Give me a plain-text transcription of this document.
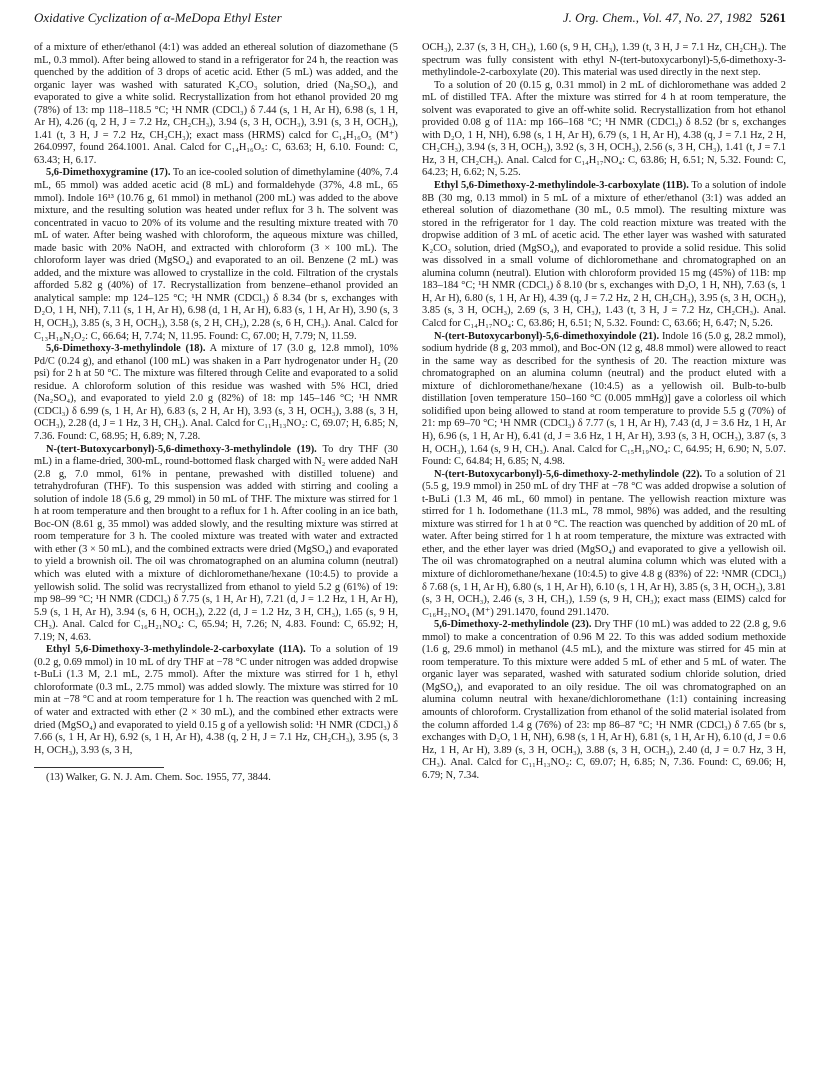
Oxidative Cyclization of α-MeDopa Ethyl Ester	J. Org. Chem., Vol. 47, No. 27, 1982 5261

of a mixture of ether/ethanol (4:1) was added an ethereal solution of diazomethane (5 mL, 0.3 mmol). After being allowed to stand in a refrigerator for 24 h, the reaction was quenched by the addition of 3 drops of acetic acid. Ether (5 mL) was added, and the organic layer was washed with saturated K₂CO₃ solution, dried (Na₂SO₄), and evaporated to give a white solid. Recrystallization from hot ethanol provided 20 mg (78%) of 13: mp 118–118.5 °C; ¹H NMR (CDCl₃) δ 7.44 (s, 1 H, Ar H), 6.98 (s, 1 H, Ar H), 4.26 (q, 2 H, J = 7.2 Hz, CH₂CH₃), 3.94 (s, 3 H, OCH₃), 3.91 (s, 3 H, OCH₃), 1.41 (t, 3 H, J = 7.2 Hz, CH₂CH₃); exact mass (HRMS) calcd for C₁₄H₁₆O₅ (M⁺) 264.0997, found 264.1001. Anal. Calcd for C₁₄H₁₆O₅: C, 63.63; H, 6.10. Found: C, 63.43; H, 6.17.

5,6-Dimethoxygramine (17). To an ice-cooled solution of dimethylamine (40%, 7.4 mL, 65 mmol) was added acetic acid (8 mL) and formaldehyde (37%, 4.8 mL, 65 mmol). Indole 16¹³ (10.76 g, 61 mmol) in methanol (200 mL) was added to the above mixture, and the resulting solution was heated under reflux for 3 h. The solvent was concentrated in vacuo to 20% of its volume and the resulting mixture treated with 70 mL of water. After being washed with chloroform, the aqueous mixture was chilled, made basic with 20% NaOH, and extracted with chloroform (3 × 100 mL). The chloroform layer was dried (MgSO₄) and evaporated to an oil. Benzene (2 mL) was added, and the mixture was allowed to crystallize in the cold. Filtration of the crystals afforded 5.82 g (40%) of 17. Recrystallization from benzene–ethanol provided an analytical sample: mp 124–125 °C; ¹H NMR (CDCl₃) δ 8.34 (br s, exchanges with D₂O, 1 H, NH), 7.11 (s, 1 H, Ar H), 6.98 (d, 1 H, Ar H), 6.83 (s, 1 H, Ar H), 3.90 (s, 3 H, OCH₃), 3.85 (s, 3 H, OCH₃), 3.58 (s, 2 H, CH₂), 2.28 (s, 6 H, CH₃). Anal. Calcd for C₁₃H₁₈N₂O₂: C, 66.64; H, 7.74; N, 11.95. Found: C, 67.00; H, 7.79; N, 11.59.

5,6-Dimethoxy-3-methylindole (18). A mixture of 17 (3.0 g, 12.8 mmol), 10% Pd/C (0.24 g), and ethanol (100 mL) was shaken in a Parr hydrogenator under H₂ (20 psi) for 2 h at 50 °C. The mixture was filtered through Celite and evaporated to a solid residue. A chloroform solution of this residue was washed with 5% HCl, dried (Na₂SO₄), and evaporated to yield 2.0 g (82%) of 18: mp 145–146 °C; ¹H NMR (CDCl₃) δ 6.99 (s, 1 H, Ar H), 6.83 (s, 2 H, Ar H), 3.93 (s, 3 H, OCH₃), 3.88 (s, 3 H, OCH₃), 2.28 (d, J = 1 Hz, 3 H, CH₃). Anal. Calcd for C₁₁H₁₃NO₂: C, 69.07; H, 6.85; N, 7.36. Found: C, 68.95; H, 6.89; N, 7.28.

N-(tert-Butoxycarbonyl)-5,6-dimethoxy-3-methylindole (19). To dry THF (30 mL) in a flame-dried, 300-mL, round-bottomed flask charged with N₂ were added NaH (2.8 g, 7.0 mmol, 61% in pentane, prewashed with distilled toluene) and tetrahydrofuran (THF). To this suspension was added with stirring and cooling a solution of indole 18 (5.6 g, 29 mmol) in 50 mL of THF. The mixture was stirred for 1 h at room temperature and then brought to a reflux for 1 h. After cooling in an ice bath, Boc-ON (8.61 g, 35 mmol) was added slowly, and the resulting mixture was stirred at room temperature for 3 h. The cooled mixture was treated with water and extracted with ether (3 × 50 mL), and the combined extracts were dried (MgSO₄) and evaporated to yield a brownish oil. The oil was chromatographed on an alumina column (neutral) which was eluted with a mixture of dichloromethane/hexane (10:4.5) to provide a yellowish solid. The solid was recrystallized from ethanol to yield 5.2 g (61%) of 19: mp 98–99 °C; ¹H NMR (CDCl₃) δ 7.75 (s, 1 H, Ar H), 7.21 (d, J = 1.2 Hz, 1 H, Ar H), 5.9 (s, 1 H, Ar H), 3.94 (s, 6 H, OCH₃), 2.22 (d, J = 1.2 Hz, 3 H, CH₃), 1.65 (s, 9 H, CH₃). Anal. Calcd for C₁₆H₂₁NO₄: C, 65.94; H, 7.26; N, 4.83. Found: C, 65.92; H, 7.19; N, 4.63.

Ethyl 5,6-Dimethoxy-3-methylindole-2-carboxylate (11A). To a solution of 19 (0.2 g, 0.69 mmol) in 10 mL of dry THF at −78 °C under nitrogen was added dropwise t-BuLi (1.3 M, 2.1 mL, 2.75 mmol). After the mixture was stirred for 1 h, ethyl chloroformate (0.3 mL, 2.75 mmol) was added slowly. The mixture was stirred for 10 min at −78 °C and at room temperature for 1 h. The reaction was quenched with 2 mL of water and extracted with ether (2 × 30 mL), and the combined ether extracts were dried (MgSO₄) and evaporated to yield 0.15 g of a yellowish solid: ¹H NMR (CDCl₃) δ 7.66 (s, 1 H, Ar H), 6.92 (s, 1 H, Ar H), 4.38 (q, 2 H, J = 7.1 Hz, CH₂CH₃), 3.95 (s, 3 H, OCH₃), 3.93 (s, 3 H,

(13) Walker, G. N. J. Am. Chem. Soc. 1955, 77, 3844.

OCH₃), 2.37 (s, 3 H, CH₃), 1.60 (s, 9 H, CH₃), 1.39 (t, 3 H, J = 7.1 Hz, CH₂CH₃). The spectrum was fully consistent with ethyl N-(tert-butoxycarbonyl)-5,6-dimethoxy-3-methylindole-2-carboxylate (20). This material was used directly in the next step.

To a solution of 20 (0.15 g, 0.31 mmol) in 2 mL of dichloromethane was added 2 mL of distilled TFA. After the mixture was stirred for 4 h at room temperature, the solvent was evaporated to give an off-white solid. Recrystallization from hot ethanol provided 0.08 g of 11A: mp 166–168 °C; ¹H NMR (CDCl₃) δ 8.52 (br s, exchanges with D₂O, 1 H, NH), 6.98 (s, 1 H, Ar H), 6.79 (s, 1 H, Ar H), 4.38 (q, J = 7.1 Hz, 2 H, CH₂CH₃), 3.94 (s, 3 H, OCH₃), 3.92 (s, 3 H, OCH₃), 2.56 (s, 3 H, CH₃), 1.41 (t, J = 7.1 Hz, 3 H, CH₂CH₃). Anal. Calcd for C₁₄H₁₇NO₄: C, 63.86; H, 6.51; N, 5.32. Found: C, 64.23; H, 6.62; N, 5.25.

Ethyl 5,6-Dimethoxy-2-methylindole-3-carboxylate (11B). To a solution of indole 8B (30 mg, 0.13 mmol) in 5 mL of a mixture of ether/ethanol (3:1) was added an ethereal solution of diazomethane (30 mL, 0.5 mmol). The resulting mixture was stored in the refrigerator for 1 day. The cold reaction mixture was treated with the dropwise addition of 3 mL of acetic acid. The ether layer was washed with saturated K₂CO₃ solution, dried (MgSO₄), and evaporated to provide a solid residue. This solid was dissolved in a small volume of dichloromethane and chromatographed on an alumina column (neutral). Elution with chloroform provided 15 mg (45%) of 11B: mp 183–184 °C; ¹H NMR (CDCl₃) δ 8.10 (br s, exchanges with D₂O, 1 H, NH), 7.63 (s, 1 H, Ar H), 6.80 (s, 1 H, Ar H), 4.39 (q, J = 7.2 Hz, 2 H, CH₂CH₃), 3.95 (s, 3 H, OCH₃), 3.85 (s, 3 H, OCH₃), 2.69 (s, 3 H, CH₃), 1.43 (t, 3 H, J = 7.2 Hz, CH₂CH₃). Anal. Calcd for C₁₄H₁₇NO₄: C, 63.86; H, 6.51; N, 5.32. Found: C, 63.66; H, 6.47; N, 5.26.

N-(tert-Butoxycarbonyl)-5,6-dimethoxyindole (21). Indole 16 (5.0 g, 28.2 mmol), sodium hydride (8 g, 203 mmol), and Boc-ON (12 g, 48.8 mmol) were allowed to react in the same way as described for the synthesis of 20. The reaction mixture was chromatographed on an alumina column (neutral) and the product eluted with a mixture of dichloromethane/hexane (10:4.5) as a yellowish oil. Bulb-to-bulb distillation [oven temperature 150–160 °C (0.005 mmHg)] gave a colorless oil which solidified upon being allowed to stand at room temperature to provide 5.5 g (70%) of 21: mp 69–70 °C; ¹H NMR (CDCl₃) δ 7.77 (s, 1 H, Ar H), 7.43 (d, J = 3.6 Hz, 1 H, Ar H), 6.96 (s, 1 H, Ar H), 6.41 (d, J = 3.6 Hz, 1 H, Ar H), 3.93 (s, 3 H, OCH₃), 3.87 (s, 3 H, OCH₃), 1.64 (s, 9 H, CH₃). Anal. Calcd for C₁₅H₁₉NO₄: C, 64.95; H, 6.90; N, 5.07. Found: C, 64.84; H, 6.85; N, 4.98.

N-(tert-Butoxycarbonyl)-5,6-dimethoxy-2-methylindole (22). To a solution of 21 (5.5 g, 19.9 mmol) in 250 mL of dry THF at −78 °C was added dropwise a solution of t-BuLi (1.3 M, 46 mL, 60 mmol) in pentane. The yellowish reaction mixture was stirred for 1 h. Iodomethane (11.3 mL, 78 mmol, 98%) was added, and the resulting mixture was stirred for 1 h at 0 °C. The reaction was quenched by addition of 20 mL of water. After being stirred for 1 h at room temperature, the mixture was extracted with ether, and the ether layer was dried (MgSO₄) and evaporated to give a yellowish oil. The oil was chromatographed on a neutral alumina column which was eluted with a mixture of dichloromethane/hexane (10:4.5) to give 4.8 g (83%) of 22: ¹NMR (CDCl₃) δ 7.68 (s, 1 H, Ar H), 6.80 (s, 1 H, Ar H), 6.10 (s, 1 H, Ar H), 3.85 (s, 3 H, OCH₃), 3.81 (s, 3 H, OCH₃), 2.46 (s, 3 H, CH₃), 1.59 (s, 9 H, CH₃); exact mass (EIMS) calcd for C₁₆H₂₁NO₄ (M⁺) 291.1470, found 291.1470.

5,6-Dimethoxy-2-methylindole (23). Dry THF (10 mL) was added to 22 (2.8 g, 9.6 mmol) to make a concentration of 0.96 M 22. To this was added sodium methoxide (1.6 g, 29.6 mmol) in methanol (4.5 mL), and the mixture was stirred for 45 min at room temperature. To this mixture were added 5 mL of ether and 5 mL of water. The organic layer was separated, washed with saturated sodium chloride solution, dried (MgSO₄), and evaporated to an oily residue. The oil was chromatographed on an alumina column neutral with hexane/dichloromethane (1:1) containing increasing amounts of chloroform. Crystallization from ethanol of the solid material isolated from the column afforded 1.4 g (76%) of 23: mp 86–87 °C; ¹H NMR (CDCl₃) δ 7.65 (br s, exchanges with D₂O, 1 H, NH), 6.98 (s, 1 H, Ar H), 6.81 (s, 1 H, Ar H), 6.10 (d, J = 0.6 Hz, 1 H, Ar H), 3.89 (s, 3 H, OCH₃), 3.88 (s, 3 H, OCH₃), 2.40 (d, J = 0.7 Hz, 3 H, CH₃). Anal. Calcd for C₁₁H₁₃NO₂: C, 69.07; H, 6.85; N, 7.36. Found: C, 69.06; H, 6.79; N, 7.34.
